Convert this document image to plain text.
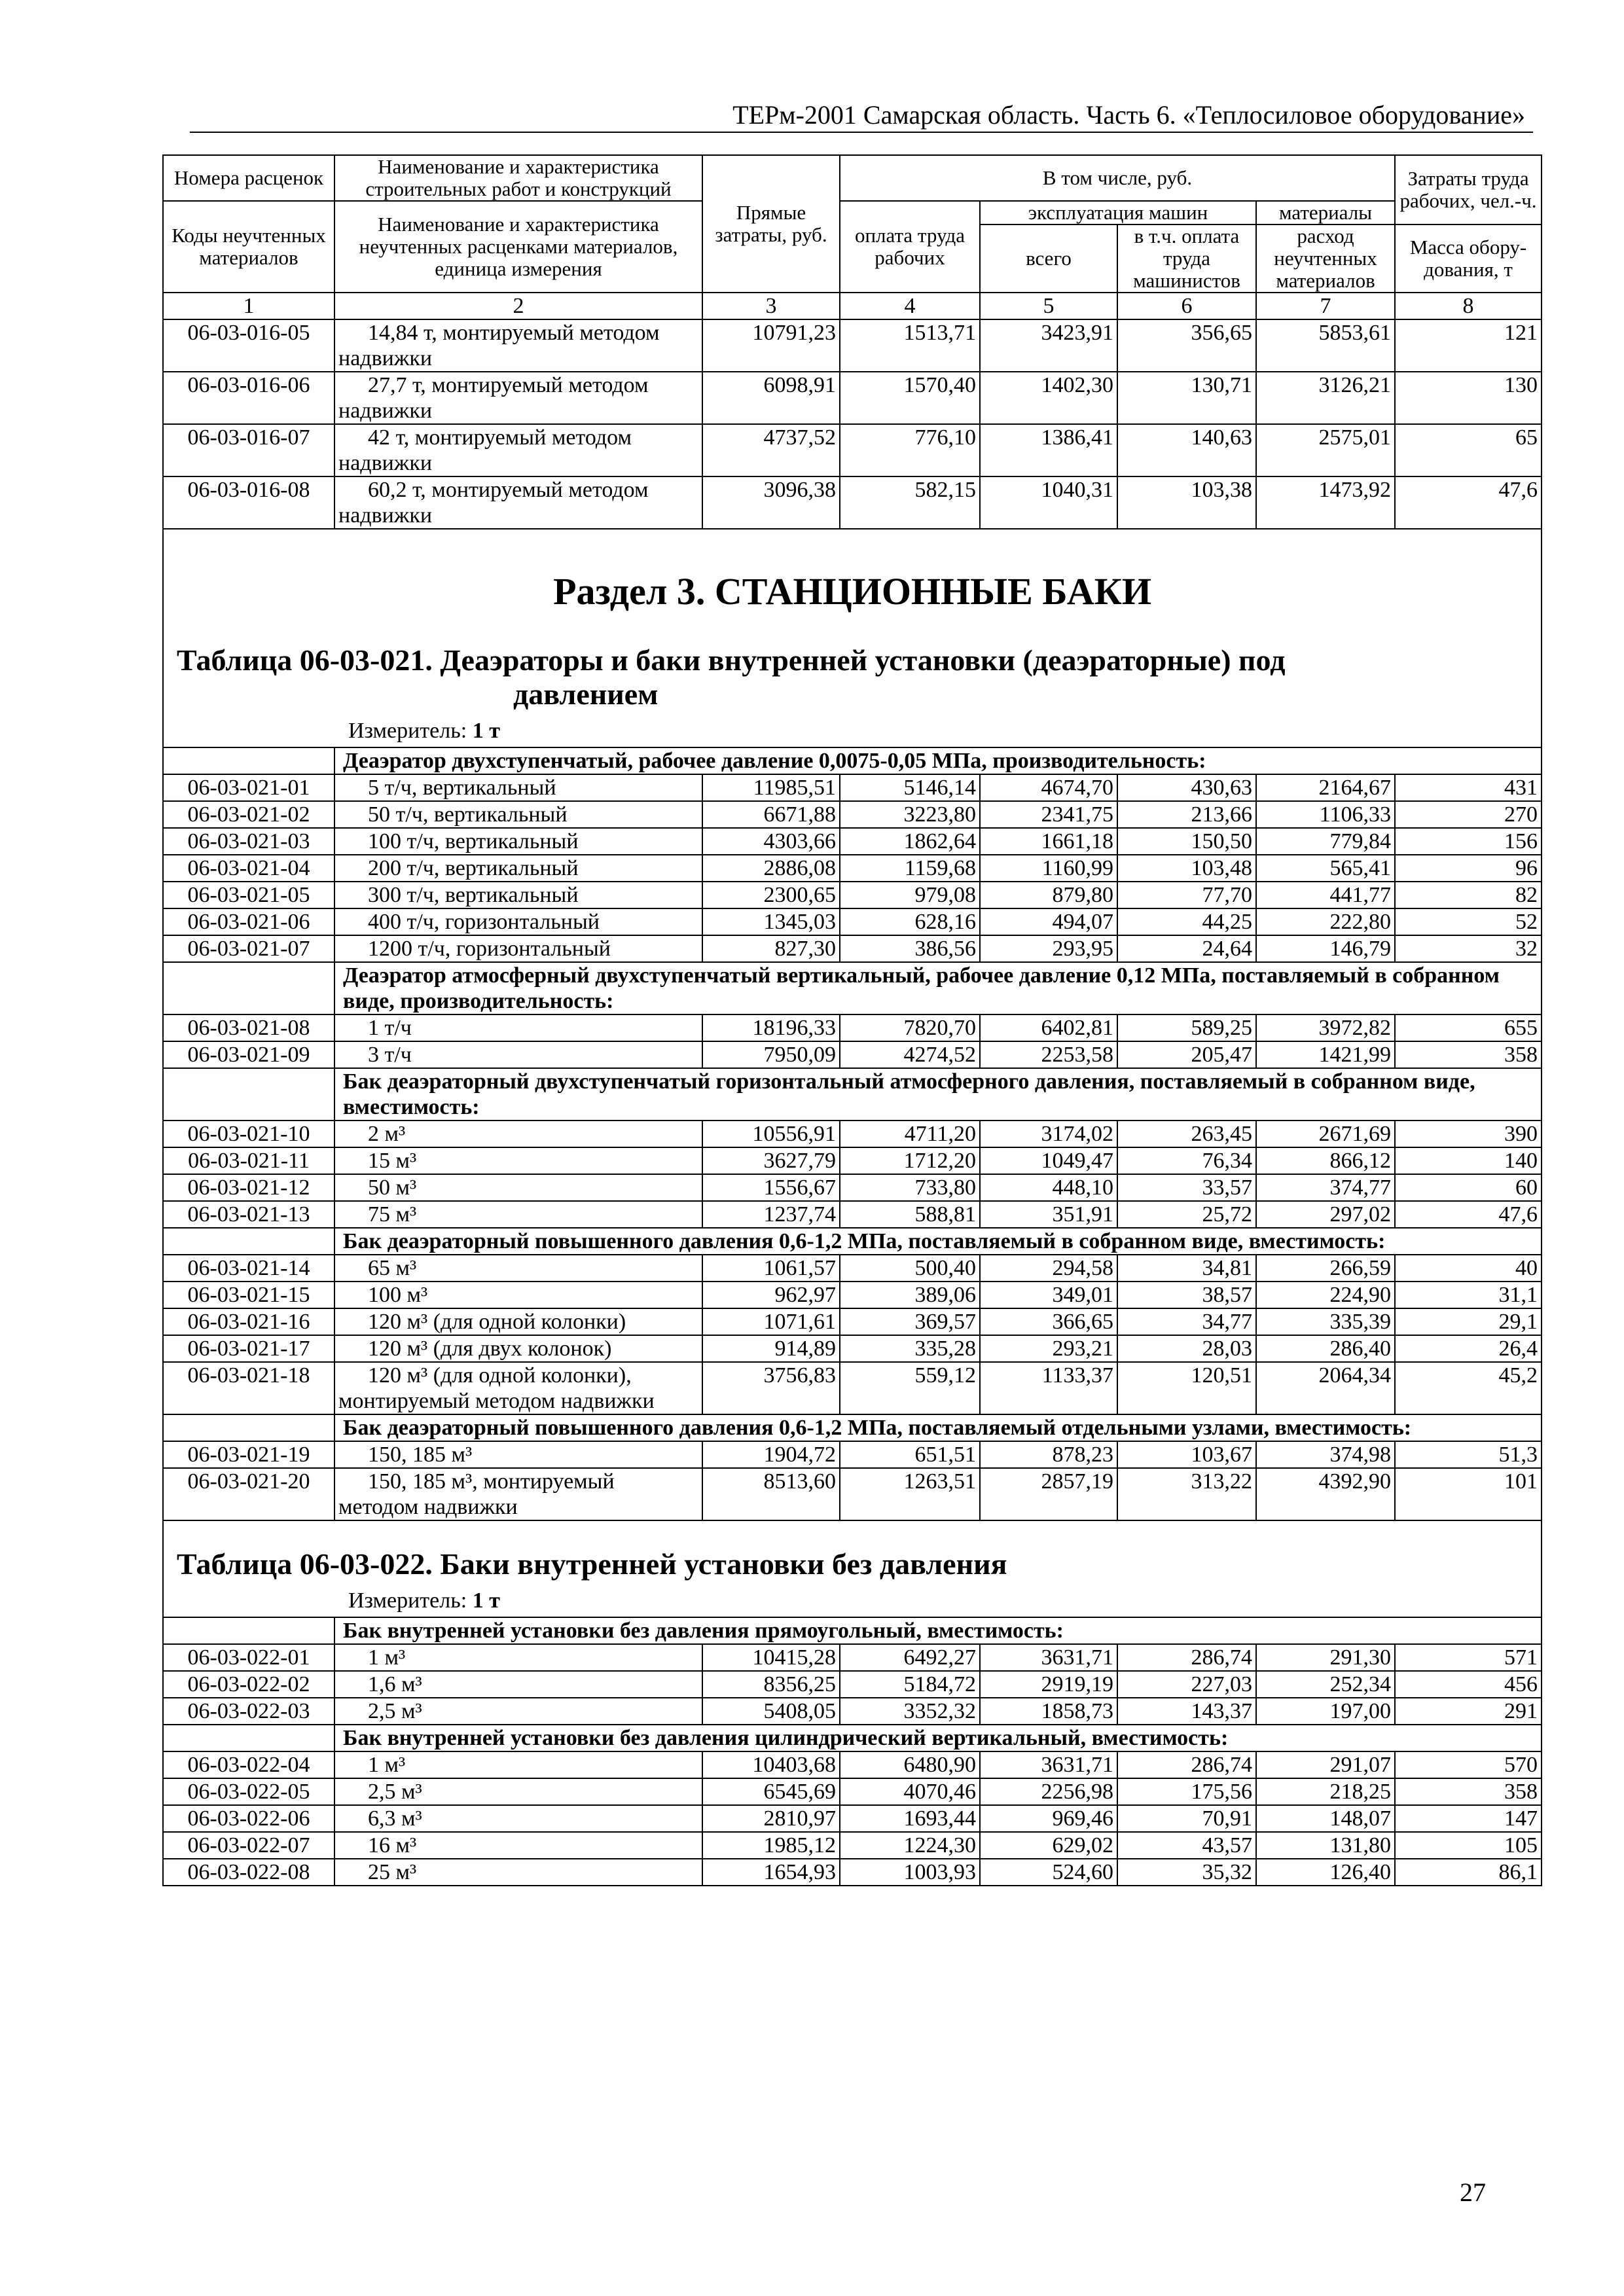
ТЕРм-2001 Самарская область. Часть 6. «Теплосиловое оборудование»
Номера расценок	Наименование и характеристика строительных работ и конструкций	Прямые затраты, руб.	В том числе, руб.				Затраты труда рабочих, чел.-ч.
Коды неучтенных материалов	Наименование и характеристика неучтенных расценками материалов, единица измерения		оплата труда рабочих	эксплуатация машин		материалы	
				всего	в т.ч. оплата труда машинистов	расход неучтенных материалов	
							Масса обору-дования, т
1	2	3	4	5	6	7	8
06-03-016-05	14,84 т, монтируемый методом надвижки	10791,23	1513,71	3423,91	356,65	5853,61	121
06-03-016-06	27,7 т, монтируемый методом надвижки	6098,91	1570,40	1402,30	130,71	3126,21	130
06-03-016-07	42 т, монтируемый методом надвижки	4737,52	776,10	1386,41	140,63	2575,01	65
06-03-016-08	60,2 т, монтируемый методом надвижки	3096,38	582,15	1040,31	103,38	1473,92	47,6

Раздел 3. СТАНЦИОННЫЕ БАКИ
Таблица 06-03-021. Деаэраторы и баки внутренней установки (деаэраторные) под
давлением
Измеритель: 1 т							

	Деаэратор двухступенчатый, рабочее давление 0,0075-0,05 МПа, производительность:						
06-03-021-01	5 т/ч, вертикальный	11985,51	5146,14	4674,70	430,63	2164,67	431
06-03-021-02	50 т/ч, вертикальный	6671,88	3223,80	2341,75	213,66	1106,33	270
06-03-021-03	100 т/ч, вертикальный	4303,66	1862,64	1661,18	150,50	779,84	156
06-03-021-04	200 т/ч, вертикальный	2886,08	1159,68	1160,99	103,48	565,41	96
06-03-021-05	300 т/ч, вертикальный	2300,65	979,08	879,80	77,70	441,77	82
06-03-021-06	400 т/ч, горизонтальный	1345,03	628,16	494,07	44,25	222,80	52
06-03-021-07	1200 т/ч, горизонтальный	827,30	386,56	293,95	24,64	146,79	32
	Деаэратор атмосферный двухступенчатый вертикальный, рабочее давление 0,12 МПа, поставляемый в собранном виде, производительность:						
06-03-021-08	1 т/ч	18196,33	7820,70	6402,81	589,25	3972,82	655
06-03-021-09	3 т/ч	7950,09	4274,52	2253,58	205,47	1421,99	358
	Бак деаэраторный двухступенчатый горизонтальный атмосферного давления, поставляемый в собранном виде, вместимость:						
06-03-021-10	2 м³	10556,91	4711,20	3174,02	263,45	2671,69	390
06-03-021-11	15 м³	3627,79	1712,20	1049,47	76,34	866,12	140
06-03-021-12	50 м³	1556,67	733,80	448,10	33,57	374,77	60
06-03-021-13	75 м³	1237,74	588,81	351,91	25,72	297,02	47,6
	Бак деаэраторный повышенного давления 0,6-1,2 МПа, поставляемый в собранном виде, вместимость:						
06-03-021-14	65 м³	1061,57	500,40	294,58	34,81	266,59	40
06-03-021-15	100 м³	962,97	389,06	349,01	38,57	224,90	31,1
06-03-021-16	120 м³ (для одной колонки)	1071,61	369,57	366,65	34,77	335,39	29,1
06-03-021-17	120 м³ (для двух колонок)	914,89	335,28	293,21	28,03	286,40	26,4
06-03-021-18	120 м³ (для одной колонки), монтируемый методом надвижки	3756,83	559,12	1133,37	120,51	2064,34	45,2
	Бак деаэраторный повышенного давления 0,6-1,2 МПа, поставляемый отдельными узлами, вместимость:						
06-03-021-19	150, 185 м³	1904,72	651,51	878,23	103,67	374,98	51,3
06-03-021-20	150, 185 м³, монтируемый методом надвижки	8513,60	1263,51	2857,19	313,22	4392,90	101

Таблица 06-03-022. Баки внутренней установки без давления
Измеритель: 1 т							

	Бак внутренней установки без давления прямоугольный, вместимость:						
06-03-022-01	1 м³	10415,28	6492,27	3631,71	286,74	291,30	571
06-03-022-02	1,6 м³	8356,25	5184,72	2919,19	227,03	252,34	456
06-03-022-03	2,5 м³	5408,05	3352,32	1858,73	143,37	197,00	291
	Бак внутренней установки без давления цилиндрический вертикальный, вместимость:						
06-03-022-04	1 м³	10403,68	6480,90	3631,71	286,74	291,07	570
06-03-022-05	2,5 м³	6545,69	4070,46	2256,98	175,56	218,25	358
06-03-022-06	6,3 м³	2810,97	1693,44	969,46	70,91	148,07	147
06-03-022-07	16 м³	1985,12	1224,30	629,02	43,57	131,80	105
06-03-022-08	25 м³	1654,93	1003,93	524,60	35,32	126,40	86,1
27
